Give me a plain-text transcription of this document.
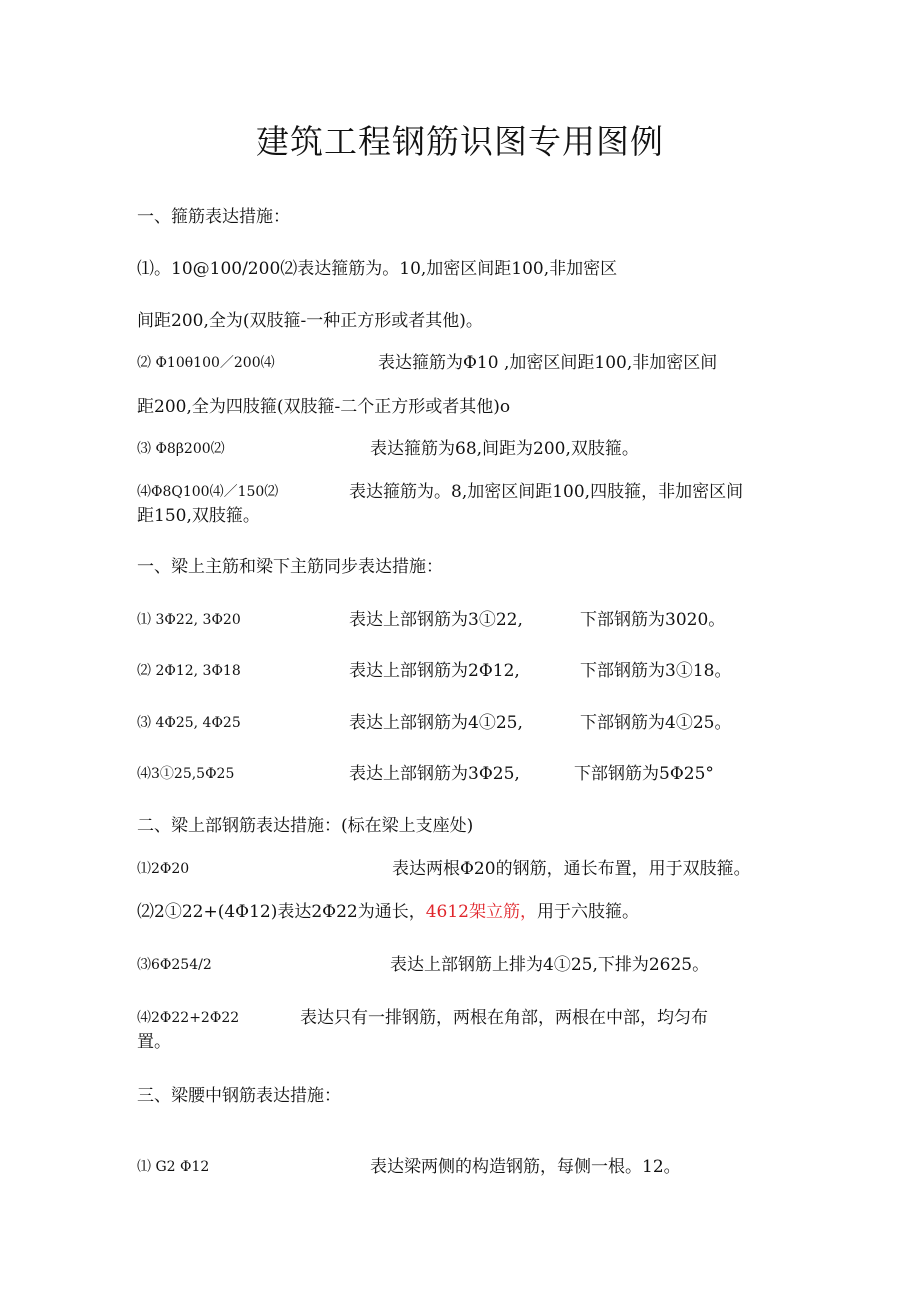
建筑工程钢筋识图专用图例
一、箍筋表达措施：
⑴。10@100/200⑵表达箍筋为。10,加密区间距100,非加密区
间距200,全为(双肢箍-一种正方形或者其他)。
⑵ Φ10θ100／200⑷	表达箍筋为Φ10 ,加密区间距100,非加密区间
距200,全为四肢箍(双肢箍-二个正方形或者其他)o
⑶ Φ8β200⑵	表达箍筋为68,间距为200,双肢箍。
⑷Φ8Q100⑷／150⑵	表达箍筋为。8,加密区间距100,四肢箍，非加密区间
距150,双肢箍。
一、梁上主筋和梁下主筋同步表达措施：
⑴ 3Φ22, 3Φ20	表达上部钢筋为3①22,	下部钢筋为3020。
⑵ 2Φ12, 3Φ18	表达上部钢筋为2Φ12,	下部钢筋为3①18。
⑶ 4Φ25, 4Φ25	表达上部钢筋为4①25,	下部钢筋为4①25。
⑷3①25,5Φ25	表达上部钢筋为3Φ25,	下部钢筋为5Φ25°
二、梁上部钢筋表达措施：(标在梁上支座处)
⑴2Φ20	表达两根Φ20的钢筋，通长布置，用于双肢箍。
⑵2①22+(4Φ12)表达2Φ22为通长，4612架立筋，用于六肢箍。
⑶6Φ254/2	表达上部钢筋上排为4①25,下排为2625。
⑷2Φ22+2Φ22	表达只有一排钢筋，两根在角部，两根在中部，均匀布
置。
三、梁腰中钢筋表达措施：
⑴ G2 Φ12	表达梁两侧的构造钢筋，每侧一根。12。
